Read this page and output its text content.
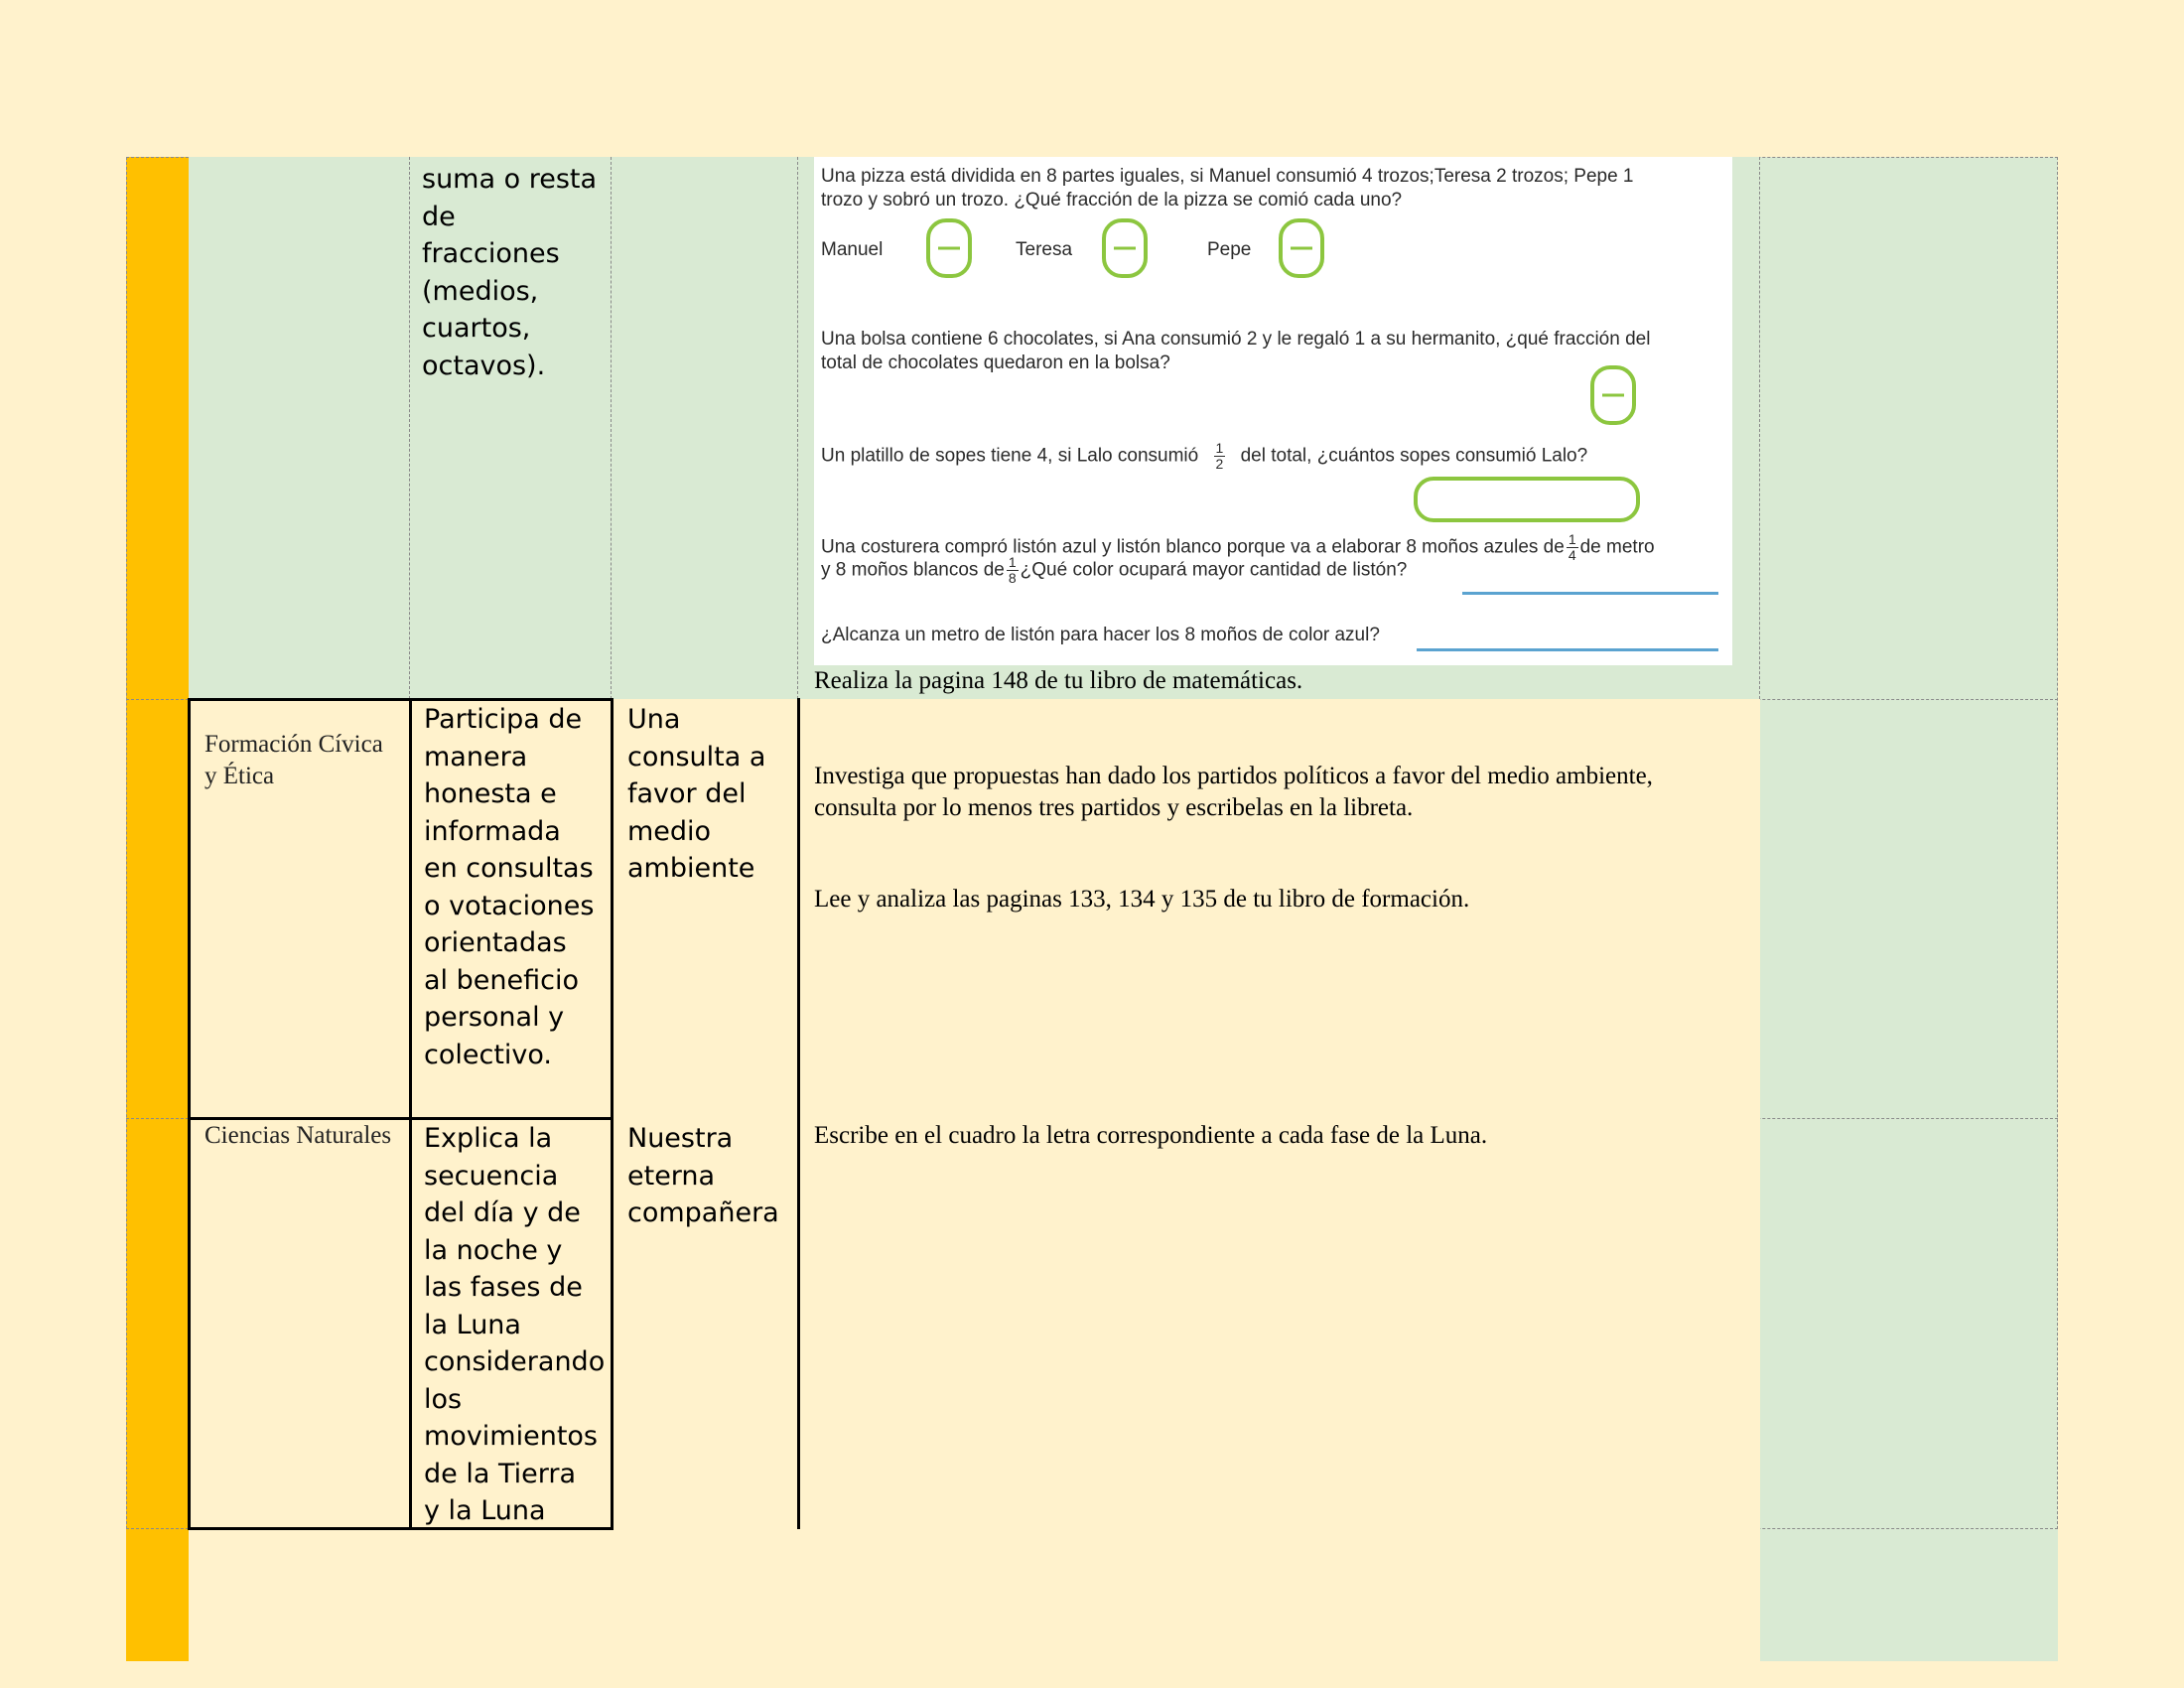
suma o resta de fracciones (medios, cuartos, octavos).
Una pizza está dividida en 8 partes iguales, si Manuel consumió 4 trozos;Teresa 2 trozos; Pepe 1
trozo y sobró un trozo. ¿Qué fracción de la pizza se comió cada uno?
Manuel	Teresa	Pepe
Una bolsa contiene 6 chocolates, si Ana consumió 2 y le regaló 1 a su hermanito, ¿qué fracción del
total de chocolates quedaron en la bolsa?
Un platillo de sopes tiene 4, si Lalo consumió $\frac{1}{2}$ del total, ¿cuántos sopes consumió Lalo?
Una costurera compró listón azul y listón blanco porque va a elaborar 8 moños azules de $\frac{1}{4}$ de metro
y 8 moños blancos de $\frac{1}{8}$ ¿Qué color ocupará mayor cantidad de listón?
¿Alcanza un metro de listón para hacer los 8 moños de color azul?
Realiza la pagina 148 de tu libro de matemáticas.
Formación Cívica y Ética
Participa de manera honesta e informada en consultas o votaciones orientadas al beneficio personal y colectivo.
Una consulta a favor del medio ambiente
Investiga que propuestas han dado los partidos políticos a favor del medio ambiente, consulta por lo menos tres partidos y escribelas en la libreta.
Lee y analiza las paginas 133, 134 y 135 de tu libro de formación.
Ciencias Naturales Explica la secuencia del día y de la noche y las fases de la Luna considerando los movimientos de la Tierra y la Luna
Nuestra eterna compañera
Escribe en el cuadro la letra correspondiente a cada fase de la Luna.
